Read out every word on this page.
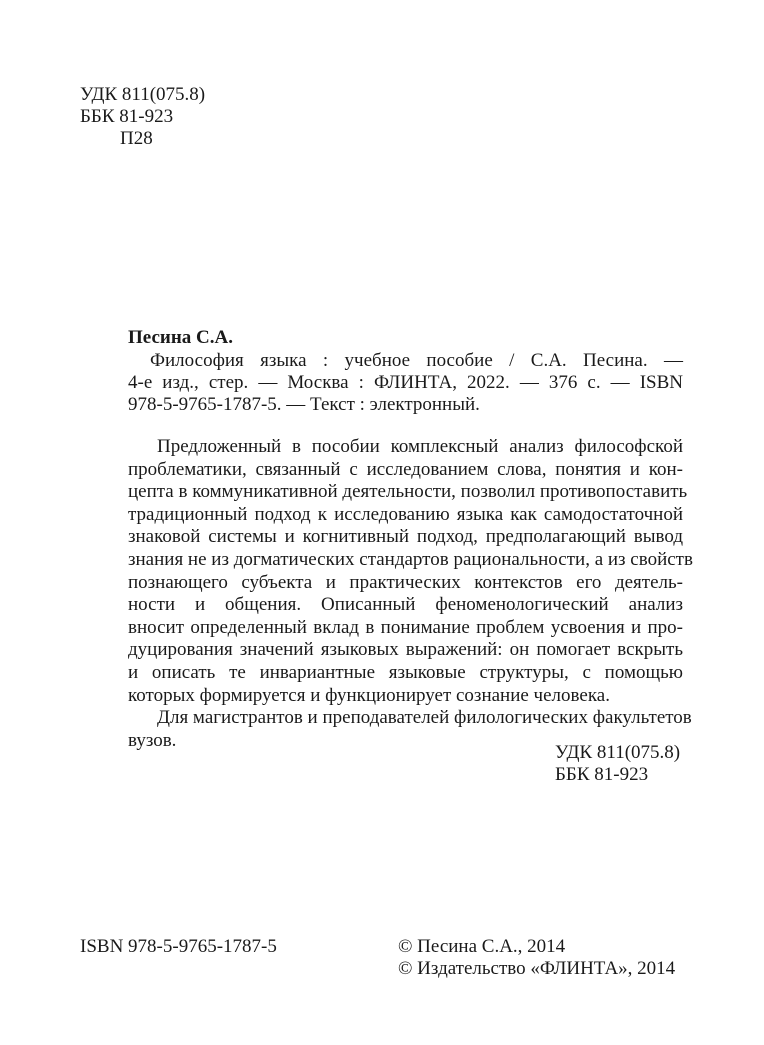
УДК 811(075.8)
ББК 81-923
П28
Песина С.А.
Философия языка : учебное пособие / С.А. Песина. —
4-е изд., стер. — Москва : ФЛИНТА, 2022. — 376 с. — ISBN
978-5-9765-1787-5. — Текст : электронный.
Предложенный в пособии комплексный анализ философской
проблематики, связанный с исследованием слова, понятия и кон-
цепта в коммуникативной деятельности, позволил противопоставить
традиционный подход к исследованию языка как самодостаточной
знаковой системы и когнитивный подход, предполагающий вывод
знания не из догматических стандартов рациональности, а из свойств
познающего субъекта и практических контекстов его деятель-
ности и общения. Описанный феноменологический анализ
вносит определенный вклад в понимание проблем усвоения и про-
дуцирования значений языковых выражений: он помогает вскрыть
и описать те инвариантные языковые структуры, с помощью
которых формируется и функционирует сознание человека.
Для магистрантов и преподавателей филологических факультетов
вузов.
УДК 811(075.8)
ББК 81-923
ISBN 978-5-9765-1787-5	© Песина С.А., 2014
© Издательство «ФЛИНТА», 2014
